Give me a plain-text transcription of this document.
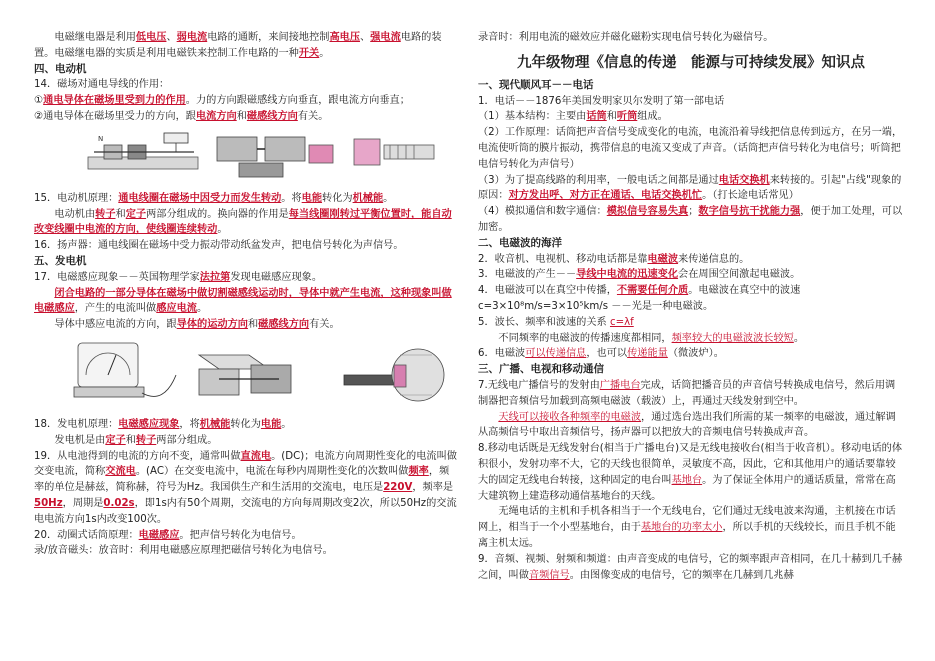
电磁继电器是利用低电压、弱电流电路的通断，来间接地控制高电压、强电流电路的装置。电磁继电器的实质是利用电磁铁来控制工作电路的一种开关。

四、电动机

14．磁场对通电导线的作用：

①通电导体在磁场里受到力的作用。力的方向跟磁感线方向垂直，跟电流方向垂直；

②通电导体在磁场里受力的方向，跟电流方向和磁感线方向有关。

N

15．电动机原理：通电线圈在磁场中因受力而发生转动。将电能转化为机械能。

电动机由转子和定子两部分组成的。换向器的作用是每当线圈刚转过平衡位置时，能自动改变线圈中电流的方向，使线圈连续转动。

16．扬声器：通电线圈在磁场中受力振动带动纸盆发声，把电信号转化为声信号。

五、发电机

17．电磁感应现象－－英国物理学家法拉第发现电磁感应现象。

闭合电路的一部分导体在磁场中做切割磁感线运动时，导体中就产生电流，这种现象叫做电磁感应，产生的电流叫做感应电流。

导体中感应电流的方向，跟导体的运动方向和磁感线方向有关。

18．发电机原理：电磁感应现象，将机械能转化为电能。

发电机是由定子和转子两部分组成。

19．从电池得到的电流的方向不变，通常叫做直流电。(DC)；电流方向周期性变化的电流叫做交变电流，简称交流电。(AC）在交变电流中，电流在每秒内周期性变化的次数叫做频率，频率的单位是赫兹，简称赫，符号为Hz。我国供生产和生活用的交流电，电压是220V，频率是50Hz，周期是0.02s，即1s内有50个周期，交流电的方向每周期改变2次，所以50Hz的交流电电流方向1s内改变100次。

20．动圈式话筒原理：电磁感应。把声信号转化为电信号。

录/放音磁头：放音时：利用电磁感应原理把磁信号转化为电信号。

录音时：利用电流的磁效应并磁化磁粉实现电信号转化为磁信号。

九年级物理《信息的传递　能源与可持续发展》知识点

一、现代顺风耳－－电话

1．电话－－1876年美国发明家贝尔发明了第一部电话

（1）基本结构：主要由话筒和听筒组成。

（2）工作原理：话筒把声音信号变成变化的电流，电流沿着导线把信息传到远方，在另一端，电流使听筒的膜片振动，携带信息的电流又变成了声音。（话筒把声信号转化为电信号；听筒把电信号转化为声信号）

（3）为了提高线路的利用率，一般电话之间都是通过电话交换机来转接的。引起"占线"现象的原因：对方发出呼、对方正在通话、电话交换机忙。（打长途电话常见）

（4）模拟通信和数字通信：模拟信号容易失真；数字信号抗干扰能力强，便于加工处理，可以加密。

二、电磁波的海洋

2．收音机、电视机、移动电话都是靠电磁波来传递信息的。

3．电磁波的产生－－导线中电流的迅速变化会在周围空间激起电磁波。

4．电磁波可以在真空中传播，不需要任何介质。电磁波在真空中的波速 c=3×10⁸m/s=3×10⁵km/s －－光是一种电磁波。

5．波长、频率和波速的关系 c=λf

不同频率的电磁波的传播速度都相同，频率较大的电磁波波长较短。

6．电磁波可以传递信息，也可以传递能量（微波炉）。

三、广播、电视和移动通信

7.无线电广播信号的发射由广播电台完成，话筒把播音员的声音信号转换成电信号，然后用调制器把音频信号加载到高频电磁波（载波）上，再通过天线发射到空中。

天线可以接收各种频率的电磁波，通过选台选出我们所需的某一频率的电磁波，通过解调从高频信号中取出音频信号，扬声器可以把放大的音频电信号转换成声音。

8.移动电话既是无线发射台(相当于广播电台)又是无线电接收台(相当于收音机）。移动电话的体积很小，发射功率不大，它的天线也很简单，灵敏度不高，因此，它和其他用户的通话要靠较大的固定无线电台转接，这种固定的电台叫基地台。为了保证全体用户的通话质量，常常在高大建筑物上建造移动通信基地台的天线。

无绳电话的主机和手机各相当于一个无线电台，它们通过无线电波来沟通，主机接在市话网上，相当于一个小型基地台，由于基地台的功率太小，所以手机的天线较长，而且手机不能离主机太远。

9．音频、视频、射频和频道：由声音变成的电信号，它的频率跟声音相同，在几十赫到几千赫之间，叫做音频信号。由图像变成的电信号，它的频率在几赫到几兆赫
